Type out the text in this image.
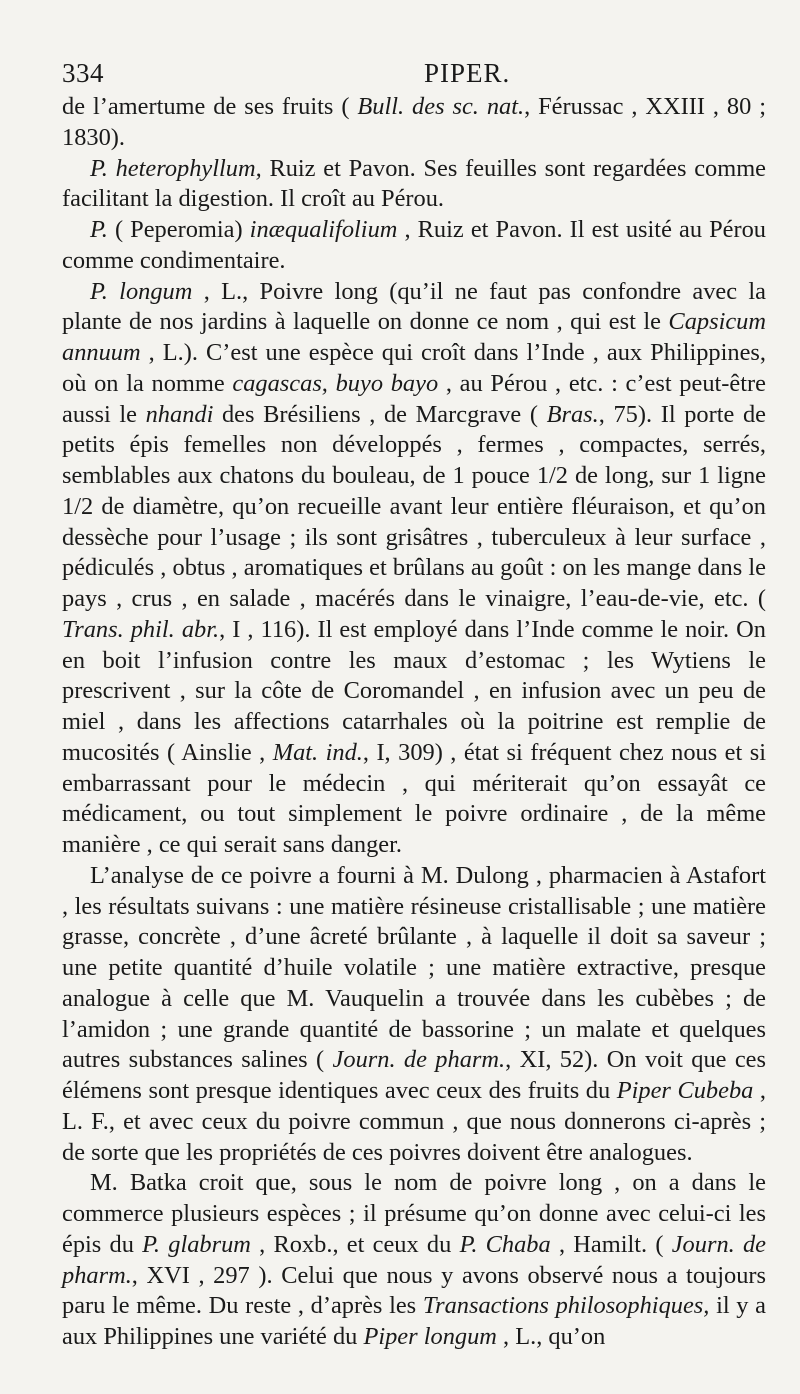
334	PIPER.

de l’amertume de ses fruits ( Bull. des sc. nat., Férussac , XXIII , 80 ; 1830).

P. heterophyllum, Ruiz et Pavon. Ses feuilles sont regardées comme facilitant la digestion. Il croît au Pérou.

P. ( Peperomia) inæqualifolium , Ruiz et Pavon. Il est usité au Pérou comme condimentaire.

P. longum , L., Poivre long (qu’il ne faut pas confondre avec la plante de nos jardins à laquelle on donne ce nom , qui est le Capsicum annuum , L.). C’est une espèce qui croît dans l’Inde , aux Philippines, où on la nomme cagascas, buyo bayo , au Pérou , etc. : c’est peut-être aussi le nhandi des Brésiliens , de Marcgrave ( Bras., 75). Il porte de petits épis femelles non développés , fermes , compactes, serrés, semblables aux chatons du bouleau, de 1 pouce 1/2 de long, sur 1 ligne 1/2 de diamètre, qu’on recueille avant leur entière fléuraison, et qu’on dessèche pour l’usage ; ils sont grisâtres , tuberculeux à leur surface , pédiculés , obtus , aromatiques et brûlans au goût : on les mange dans le pays , crus , en salade , macérés dans le vinaigre, l’eau-de-vie, etc. ( Trans. phil. abr., I , 116). Il est employé dans l’Inde comme le noir. On en boit l’infusion contre les maux d’estomac ; les Wytiens le prescrivent , sur la côte de Coromandel , en infusion avec un peu de miel , dans les affections catarrhales où la poitrine est remplie de mucosités ( Ainslie , Mat. ind., I, 309) , état si fréquent chez nous et si embarrassant pour le médecin , qui mériterait qu’on essayât ce médicament, ou tout simplement le poivre ordinaire , de la même manière , ce qui serait sans danger.

L’analyse de ce poivre a fourni à M. Dulong , pharmacien à Astafort , les résultats suivans : une matière résineuse cristallisable ; une matière grasse, concrète , d’une âcreté brûlante , à laquelle il doit sa saveur ; une petite quantité d’huile volatile ; une matière extractive, presque analogue à celle que M. Vauquelin a trouvée dans les cubèbes ; de l’amidon ; une grande quantité de bassorine ; un malate et quelques autres substances salines ( Journ. de pharm., XI, 52). On voit que ces élémens sont presque identiques avec ceux des fruits du Piper Cubeba , L. F., et avec ceux du poivre commun , que nous donnerons ci-après ; de sorte que les propriétés de ces poivres doivent être analogues.

M. Batka croit que, sous le nom de poivre long , on a dans le commerce plusieurs espèces ; il présume qu’on donne avec celui-ci les épis du P. glabrum , Roxb., et ceux du P. Chaba , Hamilt. ( Journ. de pharm., XVI , 297 ). Celui que nous y avons observé nous a toujours paru le même. Du reste , d’après les Transactions philosophiques, il y a aux Philippines une variété du Piper longum , L., qu’on
